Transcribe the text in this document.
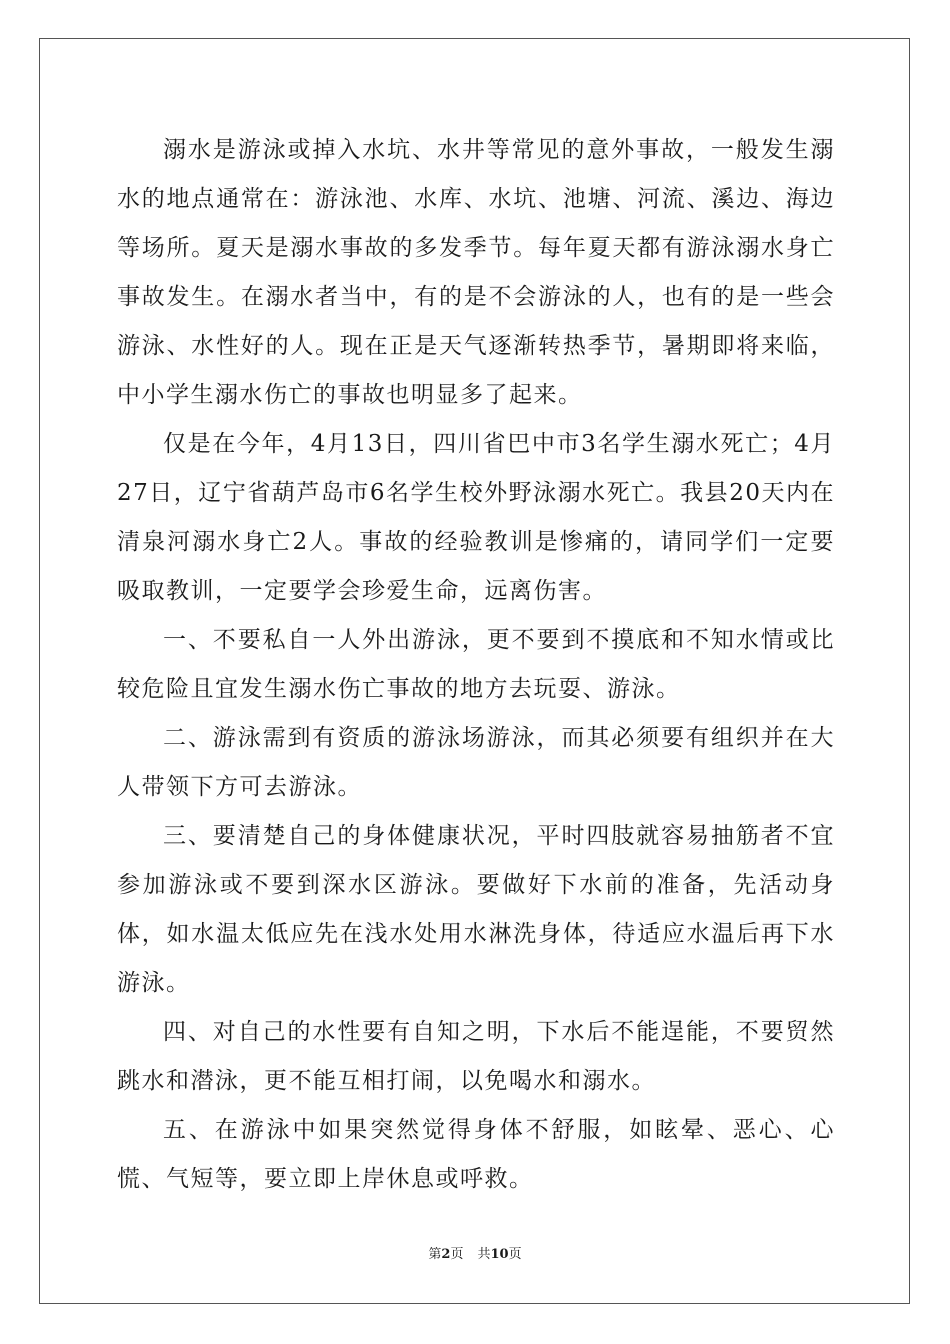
溺水是游泳或掉入水坑、水井等常见的意外事故，一般发生溺水的地点通常在：游泳池、水库、水坑、池塘、河流、溪边、海边等场所。夏天是溺水事故的多发季节。每年夏天都有游泳溺水身亡事故发生。在溺水者当中，有的是不会游泳的人，也有的是一些会游泳、水性好的人。现在正是天气逐渐转热季节，暑期即将来临，中小学生溺水伤亡的事故也明显多了起来。

仅是在今年，4月13日，四川省巴中市3名学生溺水死亡；4月27日，辽宁省葫芦岛市6名学生校外野泳溺水死亡。我县20天内在清泉河溺水身亡2人。事故的经验教训是惨痛的，请同学们一定要吸取教训，一定要学会珍爱生命，远离伤害。

一、不要私自一人外出游泳，更不要到不摸底和不知水情或比较危险且宜发生溺水伤亡事故的地方去玩耍、游泳。

二、游泳需到有资质的游泳场游泳，而其必须要有组织并在大人带领下方可去游泳。

三、要清楚自己的身体健康状况，平时四肢就容易抽筋者不宜参加游泳或不要到深水区游泳。要做好下水前的准备，先活动身体，如水温太低应先在浅水处用水淋洗身体，待适应水温后再下水游泳。

四、对自己的水性要有自知之明，下水后不能逞能，不要贸然跳水和潜泳，更不能互相打闹，以免喝水和溺水。

五、在游泳中如果突然觉得身体不舒服，如眩晕、恶心、心慌、气短等，要立即上岸休息或呼救。

第2页 共10页
